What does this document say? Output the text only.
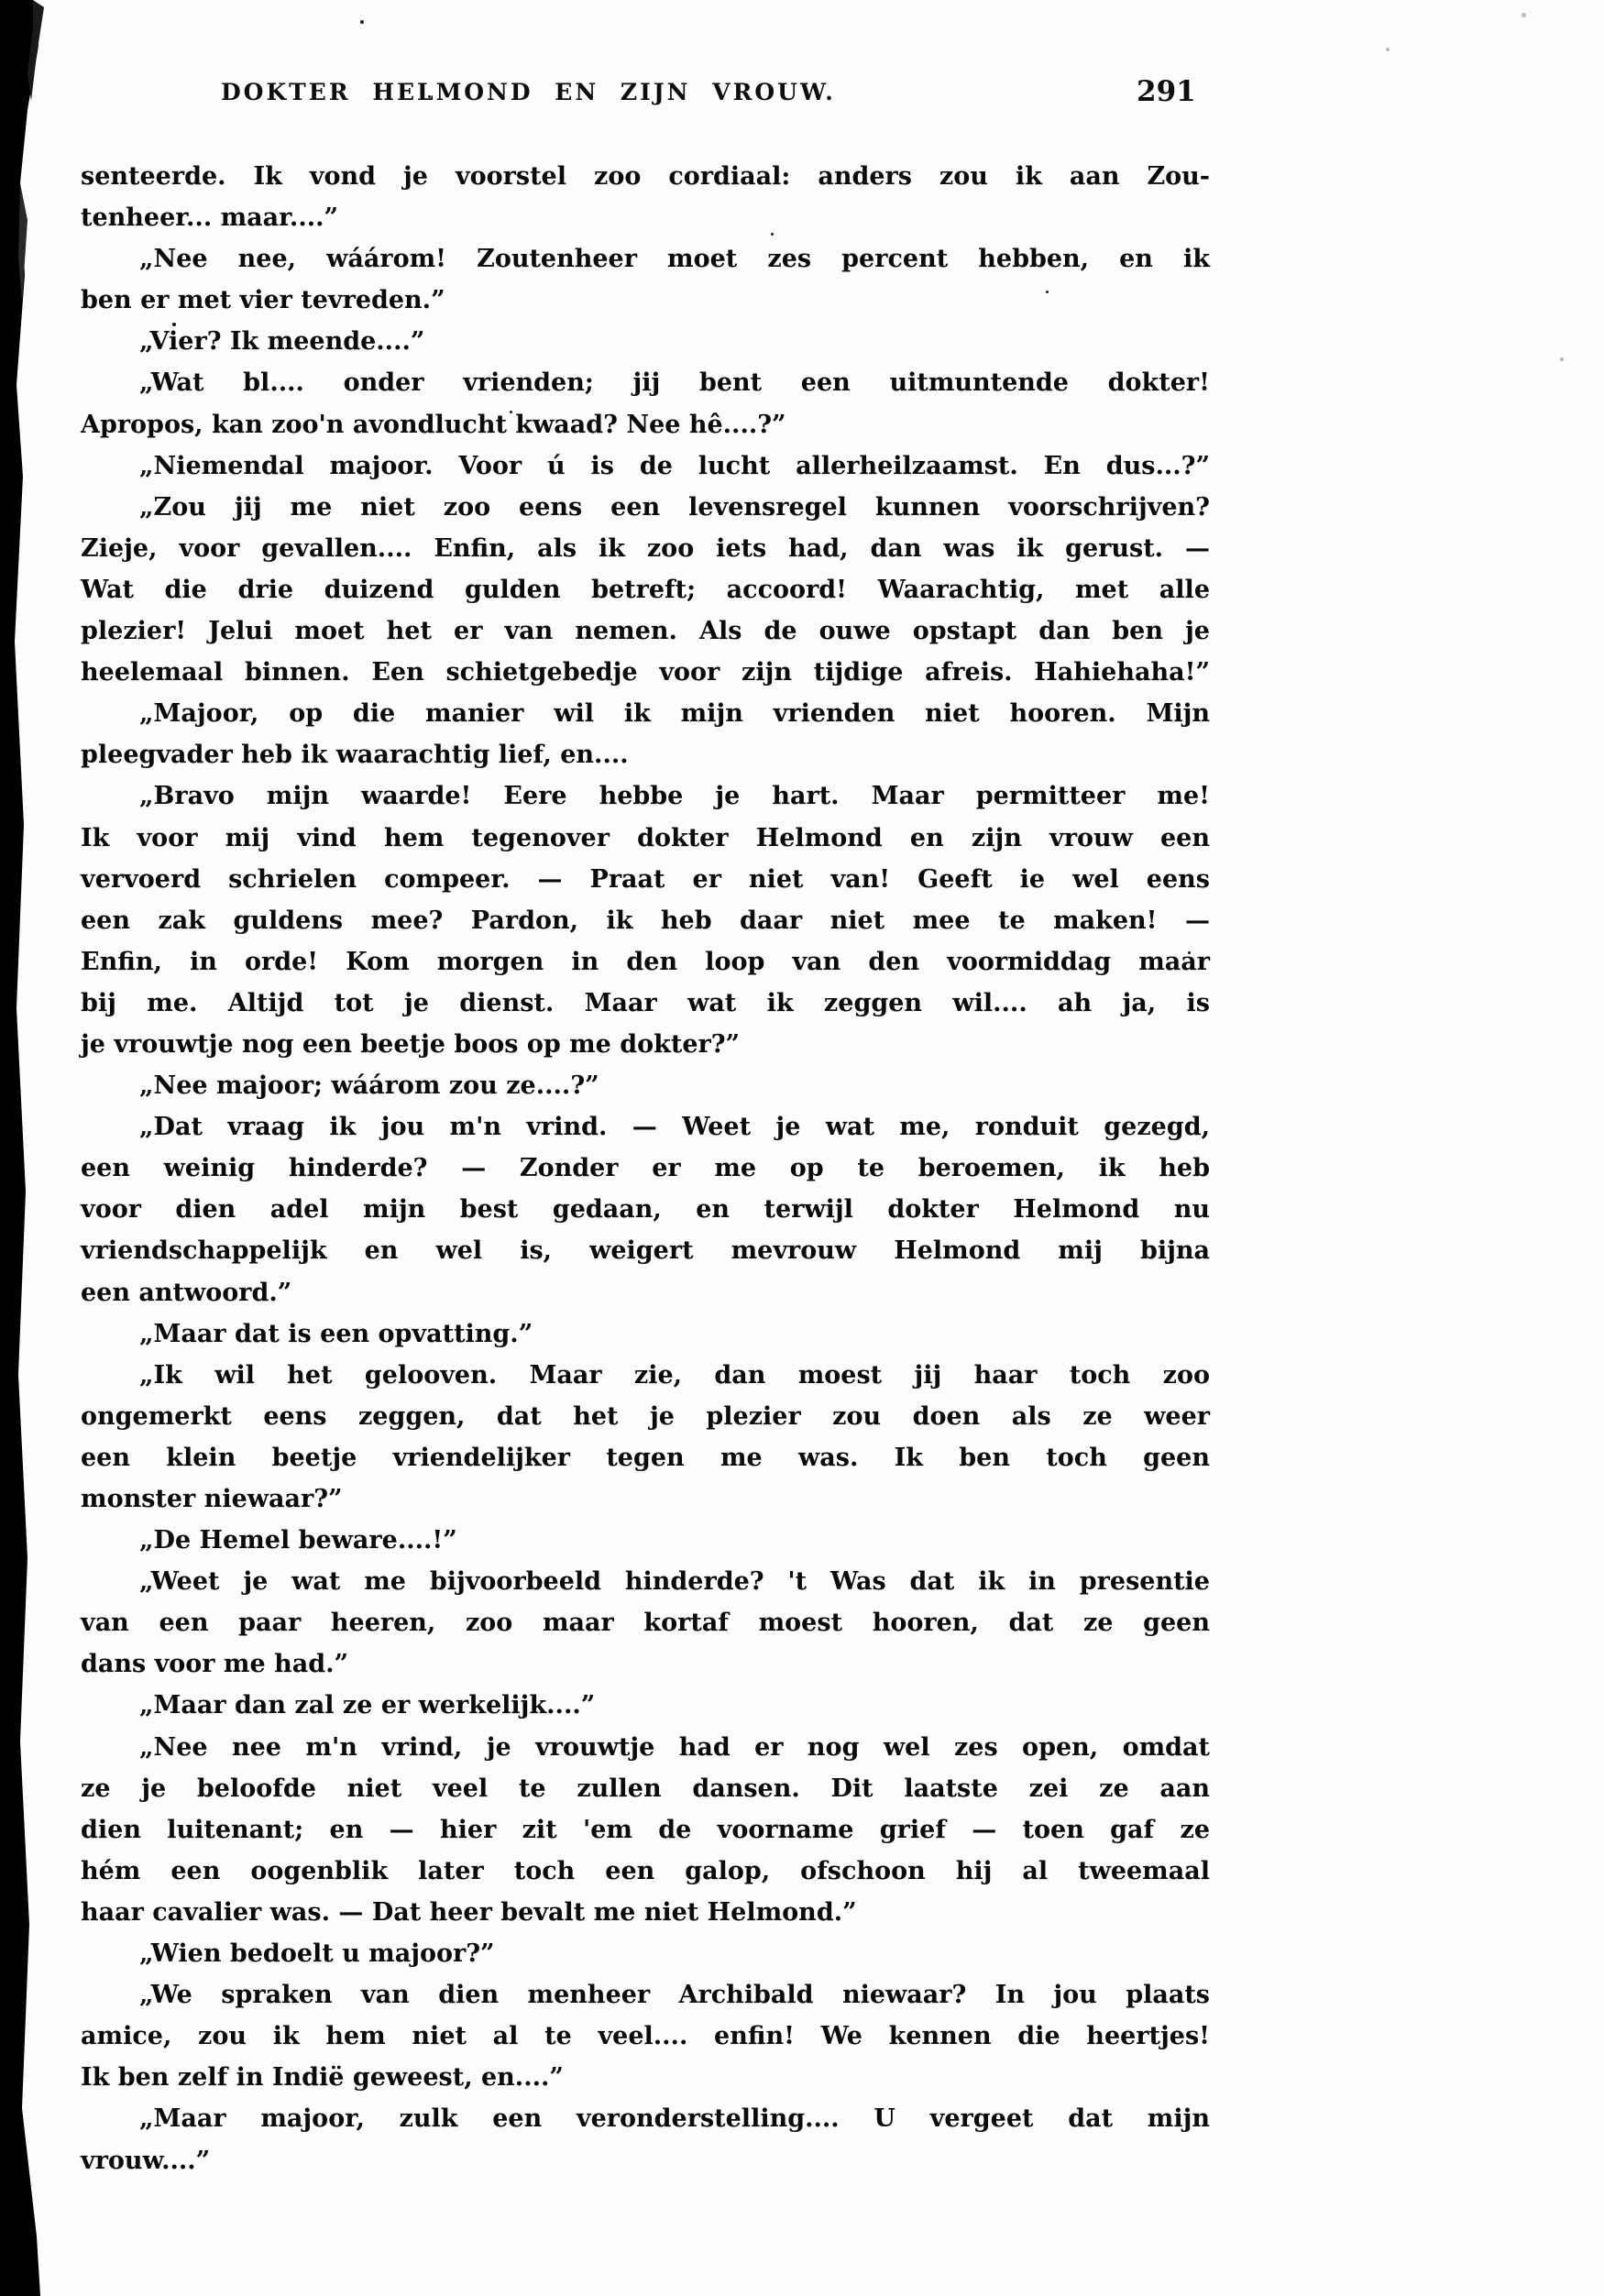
DOKTER HELMOND EN ZIJN VROUW.	291
senteerde. Ik vond je voorstel zoo cordiaal: anders zou ik aan Zou-
tenheer... maar....”
„Nee nee, wáárom! Zoutenheer moet zes percent hebben, en ik
ben er met vier tevreden.”
„Vier? Ik meende....”
„Wat bl.... onder vrienden; jij bent een uitmuntende dokter!
Apropos, kan zoo'n avondlucht kwaad? Nee hê....?”
„Niemendal majoor. Voor ú is de lucht allerheilzaamst. En dus...?”
„Zou jij me niet zoo eens een levensregel kunnen voorschrijven?
Zieje, voor gevallen.... Enfin, als ik zoo iets had, dan was ik gerust. —
Wat die drie duizend gulden betreft; accoord! Waarachtig, met alle
plezier! Jelui moet het er van nemen. Als de ouwe opstapt dan ben je
heelemaal binnen. Een schietgebedje voor zijn tijdige afreis. Hahiehaha!”
„Majoor, op die manier wil ik mijn vrienden niet hooren. Mijn
pleegvader heb ik waarachtig lief, en....
„Bravo mijn waarde! Eere hebbe je hart. Maar permitteer me!
Ik voor mij vind hem tegenover dokter Helmond en zijn vrouw een
vervoerd schrielen compeer. — Praat er niet van! Geeft ie wel eens
een zak guldens mee? Pardon, ik heb daar niet mee te maken! —
Enfin, in orde! Kom morgen in den loop van den voormiddag maar
bij me. Altijd tot je dienst. Maar wat ik zeggen wil.... ah ja, is
je vrouwtje nog een beetje boos op me dokter?”
„Nee majoor; wáárom zou ze....?”
„Dat vraag ik jou m'n vrind. — Weet je wat me, ronduit gezegd,
een weinig hinderde? — Zonder er me op te beroemen, ik heb
voor dien adel mijn best gedaan, en terwijl dokter Helmond nu
vriendschappelijk en wel is, weigert mevrouw Helmond mij bijna
een antwoord.”
„Maar dat is een opvatting.”
„Ik wil het gelooven. Maar zie, dan moest jij haar toch zoo
ongemerkt eens zeggen, dat het je plezier zou doen als ze weer
een klein beetje vriendelijker tegen me was. Ik ben toch geen
monster niewaar?”
„De Hemel beware....!”
„Weet je wat me bijvoorbeeld hinderde? 't Was dat ik in presentie
van een paar heeren, zoo maar kortaf moest hooren, dat ze geen
dans voor me had.”
„Maar dan zal ze er werkelijk....”
„Nee nee m'n vrind, je vrouwtje had er nog wel zes open, omdat
ze je beloofde niet veel te zullen dansen. Dit laatste zei ze aan
dien luitenant; en — hier zit 'em de voorname grief — toen gaf ze
hém een oogenblik later toch een galop, ofschoon hij al tweemaal
haar cavalier was. — Dat heer bevalt me niet Helmond.”
„Wien bedoelt u majoor?”
„We spraken van dien menheer Archibald niewaar? In jou plaats
amice, zou ik hem niet al te veel.... enfin! We kennen die heertjes!
Ik ben zelf in Indië geweest, en....”
„Maar majoor, zulk een veronderstelling.... U vergeet dat mijn
vrouw....”
